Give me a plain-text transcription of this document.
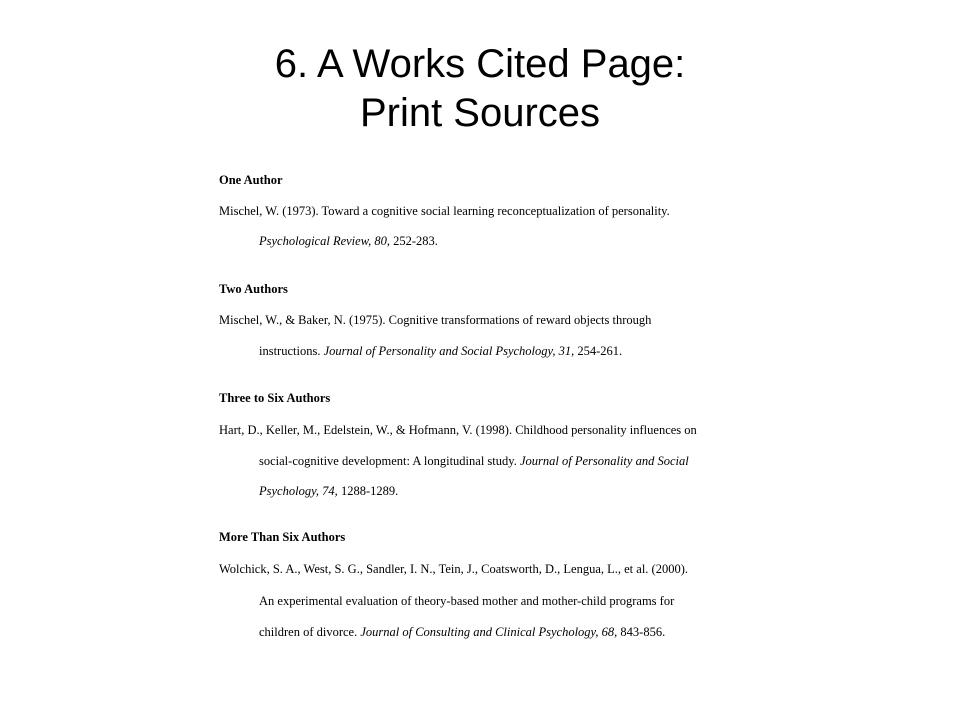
6. A Works Cited Page:
Print Sources
One Author
Mischel, W. (1973). Toward a cognitive social learning reconceptualization of personality.
Psychological Review, 80, 252-283.
Two Authors
Mischel, W., & Baker, N. (1975). Cognitive transformations of reward objects through
instructions. Journal of Personality and Social Psychology, 31, 254-261.
Three to Six Authors
Hart, D., Keller, M., Edelstein, W., & Hofmann, V. (1998). Childhood personality influences on
social-cognitive development: A longitudinal study. Journal of Personality and Social
Psychology, 74, 1288-1289.
More Than Six Authors
Wolchick, S. A., West, S. G., Sandler, I. N., Tein, J., Coatsworth, D., Lengua, L., et al. (2000).
An experimental evaluation of theory-based mother and mother-child programs for
children of divorce. Journal of Consulting and Clinical Psychology, 68, 843-856.
